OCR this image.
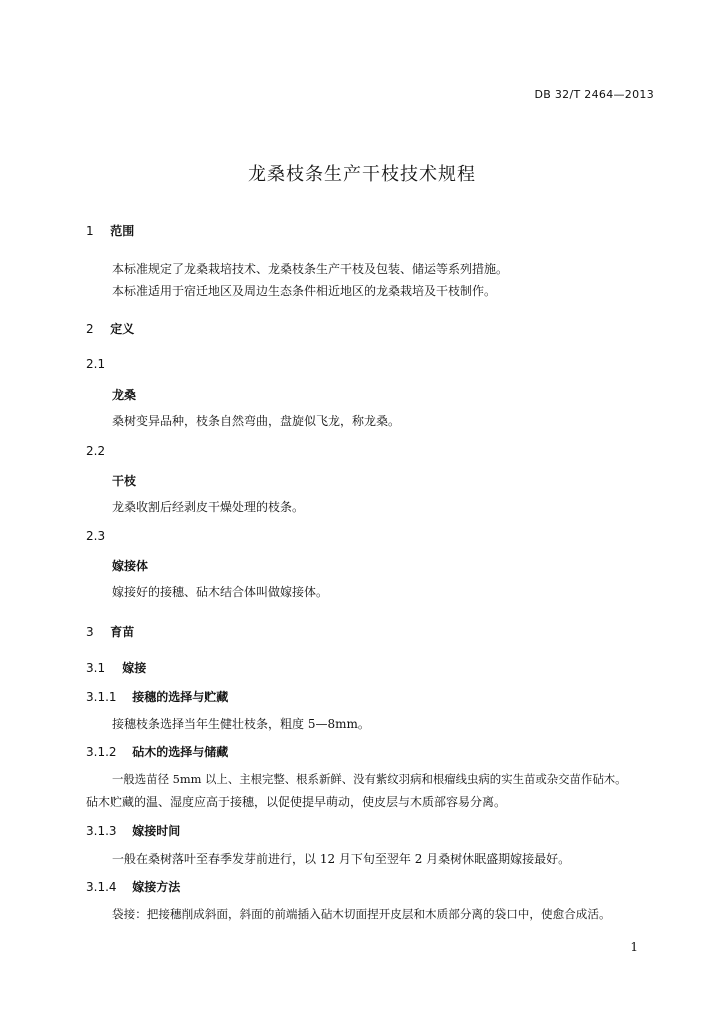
DB 32/T 2464—2013
龙桑枝条生产干枝技术规程
1 范围
本标准规定了龙桑栽培技术、龙桑枝条生产干枝及包装、储运等系列措施。
本标准适用于宿迁地区及周边生态条件相近地区的龙桑栽培及干枝制作。
2 定义
2.1
龙桑
桑树变异品种，枝条自然弯曲，盘旋似飞龙，称龙桑。
2.2
干枝
龙桑收割后经剥皮干燥处理的枝条。
2.3
嫁接体
嫁接好的接穗、砧木结合体叫做嫁接体。
3 育苗
3.1 嫁接
3.1.1 接穗的选择与贮藏
接穗枝条选择当年生健壮枝条，粗度 5—8mm。
3.1.2 砧木的选择与储藏
一般选苗径 5mm 以上、主根完整、根系新鲜、没有紫纹羽病和根瘤线虫病的实生苗或杂交苗作砧木。
砧木贮藏的温、湿度应高于接穗，以促使提早萌动，使皮层与木质部容易分离。
3.1.3 嫁接时间
一般在桑树落叶至春季发芽前进行，以 12 月下旬至翌年 2 月桑树休眠盛期嫁接最好。
3.1.4 嫁接方法
袋接：把接穗削成斜面，斜面的前端插入砧木切面捏开皮层和木质部分离的袋口中，使愈合成活。
1
